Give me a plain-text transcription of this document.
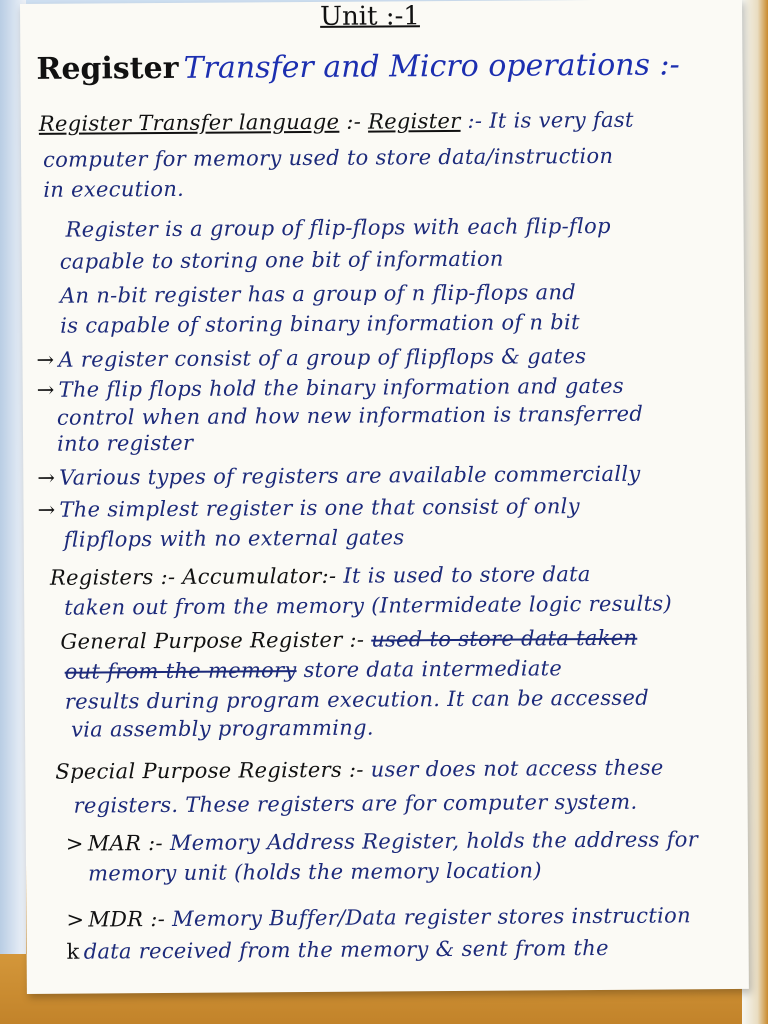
Unit :-1
Register Transfer and Micro operations :-
Register Transfer language :- Register :- It is very fast
computer for memory used to store data/instruction
in execution.
Register is a group of flip-flops with each flip-flop
capable to storing one bit of information
An n-bit register has a group of n flip-flops and
is capable of storing binary information of n bit
→ A register consist of a group of flipflops & gates
→ The flip flops hold the binary information and gates
control when and how new information is transferred
into register
→ Various types of registers are available commercially
→ The simplest register is one that consist of only
flipflops with no external gates
Registers :- Accumulator:- It is used to store data
taken out from the memory (Intermideate logic results)
General Purpose Register :- used to store data taken
out from the memory store data intermediate
results during program execution. It can be accessed
via assembly programming.
Special Purpose Registers :- user does not access these
registers. These registers are for computer system.
> MAR :- Memory Address Register, holds the address for
memory unit (holds the memory location)
> MDR :- Memory Buffer/Data register stores instruction
k data received from the memory & sent from the
